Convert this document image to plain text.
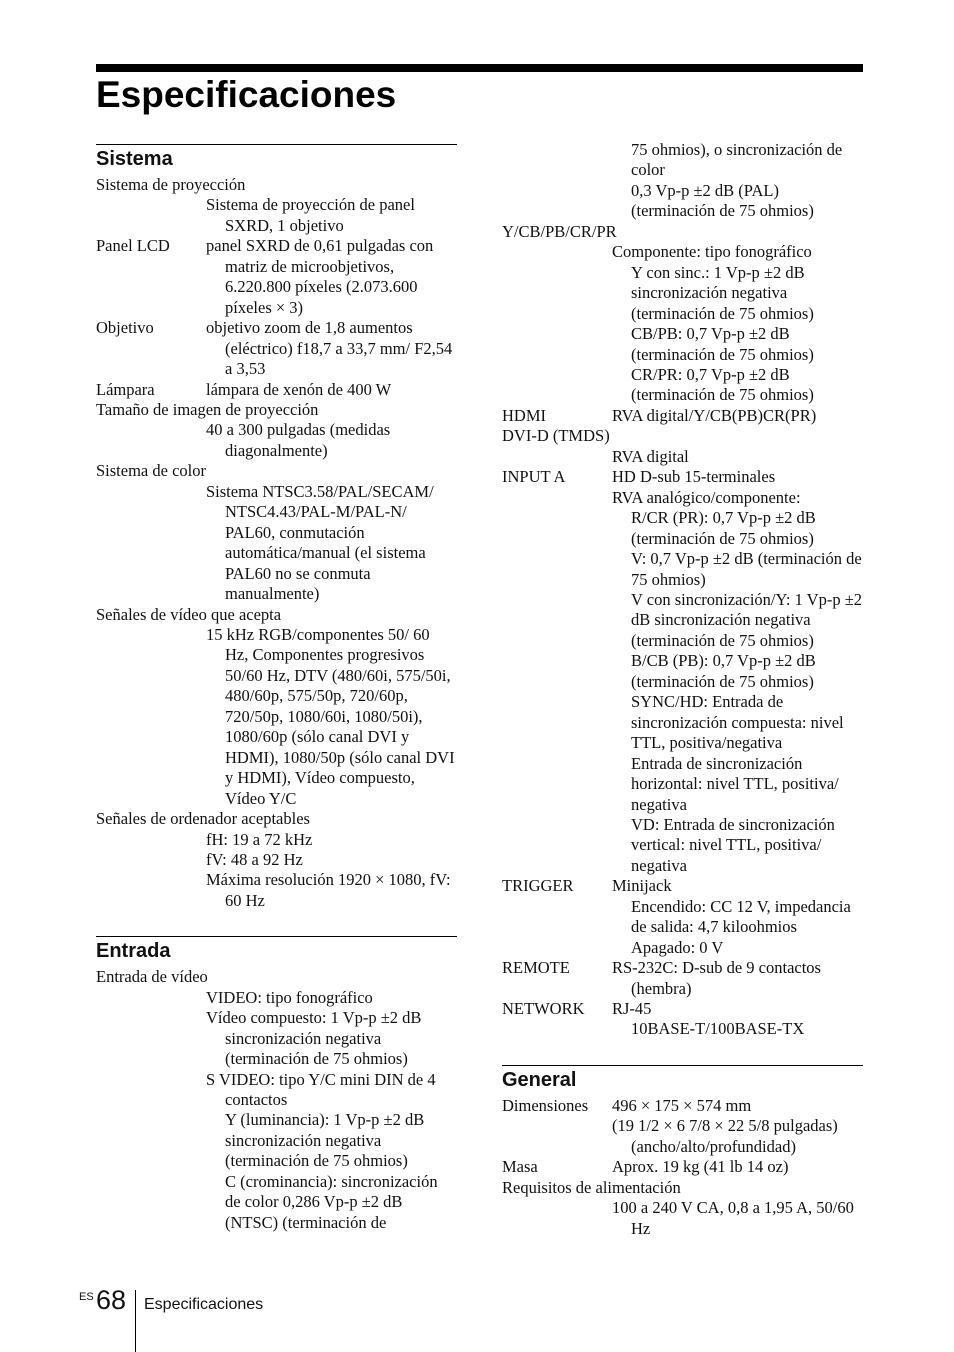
Especificaciones
Sistema
Sistema de proyección
Sistema de proyección de panel SXRD, 1 objetivo
Panel LCD	panel SXRD de 0,61 pulgadas con matriz de microobjetivos, 6.220.800 píxeles (2.073.600 píxeles × 3)
Objetivo	objetivo zoom de 1,8 aumentos (eléctrico) f18,7 a 33,7 mm/ F2,54 a 3,53
Lámpara	lámpara de xenón de 400 W
Tamaño de imagen de proyección
40 a 300 pulgadas (medidas diagonalmente)
Sistema de color
Sistema NTSC3.58/PAL/SECAM/ NTSC4.43/PAL-M/PAL-N/ PAL60, conmutación automática/manual (el sistema PAL60 no se conmuta manualmente)
Señales de vídeo que acepta
15 kHz RGB/componentes 50/ 60 Hz, Componentes progresivos 50/60 Hz, DTV (480/60i, 575/50i, 480/60p, 575/50p, 720/60p, 720/50p, 1080/60i, 1080/50i), 1080/60p (sólo canal DVI y HDMI), 1080/50p (sólo canal DVI y HDMI), Vídeo compuesto, Vídeo Y/C
Señales de ordenador aceptables
fH: 19 a 72 kHz
fV: 48 a 92 Hz
Máxima resolución 1920 × 1080, fV: 60 Hz
Entrada
Entrada de vídeo
VIDEO: tipo fonográfico
Vídeo compuesto: 1 Vp-p ±2 dB sincronización negativa (terminación de 75 ohmios)
S VIDEO: tipo Y/C mini DIN de 4 contactos
Y (luminancia): 1 Vp-p ±2 dB sincronización negativa (terminación de 75 ohmios)
C (crominancia): sincronización de color 0,286 Vp-p ±2 dB (NTSC) (terminación de
75 ohmios), o sincronización de color
0,3 Vp-p ±2 dB (PAL) (terminación de 75 ohmios)
Y/CB/PB/CR/PR
Componente: tipo fonográfico
Y con sinc.: 1 Vp-p ±2 dB sincronización negativa (terminación de 75 ohmios)
CB/PB: 0,7 Vp-p ±2 dB (terminación de 75 ohmios)
CR/PR: 0,7 Vp-p ±2 dB (terminación de 75 ohmios)
HDMI	RVA digital/Y/CB(PB)CR(PR)
DVI-D (TMDS)
RVA digital
INPUT A	HD D-sub 15-terminales
RVA analógico/componente:
R/CR (PR): 0,7 Vp-p ±2 dB (terminación de 75 ohmios)
V: 0,7 Vp-p ±2 dB (terminación de 75 ohmios)
V con sincronización/Y: 1 Vp-p ±2 dB sincronización negativa (terminación de 75 ohmios)
B/CB (PB): 0,7 Vp-p ±2 dB (terminación de 75 ohmios)
SYNC/HD: Entrada de sincronización compuesta: nivel TTL, positiva/negativa
Entrada de sincronización horizontal: nivel TTL, positiva/ negativa
VD: Entrada de sincronización vertical: nivel TTL, positiva/ negativa
TRIGGER	Minijack
Encendido: CC 12 V, impedancia de salida: 4,7 kiloohmios
Apagado: 0 V
REMOTE	RS-232C: D-sub de 9 contactos (hembra)
NETWORK	RJ-45
10BASE-T/100BASE-TX
General
Dimensiones	496 × 175 × 574 mm
(19 1/2 × 6 7/8 × 22 5/8 pulgadas) (ancho/alto/profundidad)
Masa	Aprox. 19 kg (41 lb 14 oz)
Requisitos de alimentación
100 a 240 V CA, 0,8 a 1,95 A, 50/60 Hz
ES 68 Especificaciones
